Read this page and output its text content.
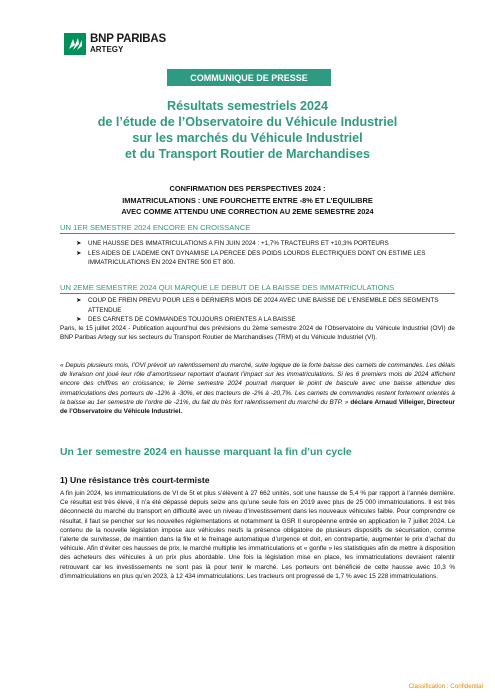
BNP PARIBAS
ARTEGY
COMMUNIQUE DE PRESSE
Résultats semestriels 2024
de l’étude de l’Observatoire du Véhicule Industriel
sur les marchés du Véhicule Industriel
et du Transport Routier de Marchandises
CONFIRMATION DES PERSPECTIVES 2024 :
IMMATRICULATIONS : UNE FOURCHETTE ENTRE -8% ET L’EQUILIBRE
AVEC COMME ATTENDU UNE CORRECTION AU 2EME SEMESTRE 2024
UN 1ER SEMESTRE 2024 ENCORE EN CROISSANCE
➤	UNE HAUSSE DES IMMATRICULATIONS A FIN JUIN 2024 : +1,7% TRACTEURS ET +10,3% PORTEURS
➤	LES AIDES DE L’ADEME ONT DYNAMISE LA PERCEE DES POIDS LOURDS ELECTRIQUES DONT ON ESTIME LES IMMATRICULATIONS EN 2024 ENTRE 500 ET 800.
UN 2EME SEMESTRE 2024 QUI MARQUE LE DEBUT DE LA BAISSE DES IMMATRICULATIONS
➤	COUP DE FREIN PREVU POUR LES 6 DERNIERS MOIS DE 2024 AVEC UNE BAISSE DE L’ENSEMBLE DES SEGMENTS ATTENDUE
➤	DES CARNETS DE COMMANDES TOUJOURS ORIENTES A LA BAISSE
Paris, le 15 juillet 2024 - Publication aujourd’hui des prévisions du 2ème semestre 2024 de l’Observatoire du Véhicule Industriel (OVI) de BNP Paribas Artegy sur les secteurs du Transport Routier de Marchandises (TRM) et du Véhicule Industriel (VI).
« Depuis plusieurs mois, l’OVI prévoit un ralentissement du marché, suite logique de la forte baisse des carnets de commandes. Les délais de livraison ont joué leur rôle d’amortisseur reportant d’autant l’impact sur les immatriculations. Si les 6 premiers mois de 2024 affichent encore des chiffres en croissance, le 2ème semestre 2024 pourrait marquer le point de bascule avec une baisse attendue des immatriculations des porteurs de -12% à -30%, et des tracteurs de -2% à -20,7%. Les carnets de commandes restent fortement orientés à la baisse au 1er semestre de l’ordre de -21%, du fait du très fort ralentissement du marché du BTP. » déclare Arnaud Villeiger, Directeur de l’Observatoire du Véhicule Industriel.
Un 1er semestre 2024 en hausse marquant la fin d’un cycle
1) Une résistance très court-termiste
A fin juin 2024, les immatriculations de VI de 5t et plus s’élèvent à 27 662 unités, soit une hausse de 5,4 % par rapport à l’année dernière. Ce résultat est très élevé, il n’a été dépassé depuis seize ans qu’une seule fois en 2019 avec plus de 25 000 immatriculations. Il est très déconnecté du marché du transport en difficulté avec un niveau d’investissement dans les nouveaux véhicules faible. Pour comprendre ce résultat, il faut se pencher sur les nouvelles réglementations et notamment la GSR II européenne entrée en application le 7 juillet 2024. Le contenu de la nouvelle législation impose aux véhicules neufs la présence obligatoire de plusieurs dispositifs de sécurisation, comme l’alerte de survitesse, de maintien dans la file et le freinage automatique d’urgence et doit, en contrepartie, augmenter le prix d’achat du véhicule. Afin d’éviter ces hausses de prix, le marché multiplie les immatriculations et « gonfle » les statistiques afin de mettre à disposition des acheteurs des véhicules à un prix plus abordable. Une fois la législation mise en place, les immatriculations devraient ralentir retrouvant car les investissements ne sont pas là pour tenir le marché. Les porteurs ont bénéficié de cette hausse avec 10,3 % d’immatriculations en plus qu’en 2023, à 12 434 immatriculations. Les tracteurs ont progressé de 1,7 % avec 15 228 immatriculations.
Classification : Confidential
